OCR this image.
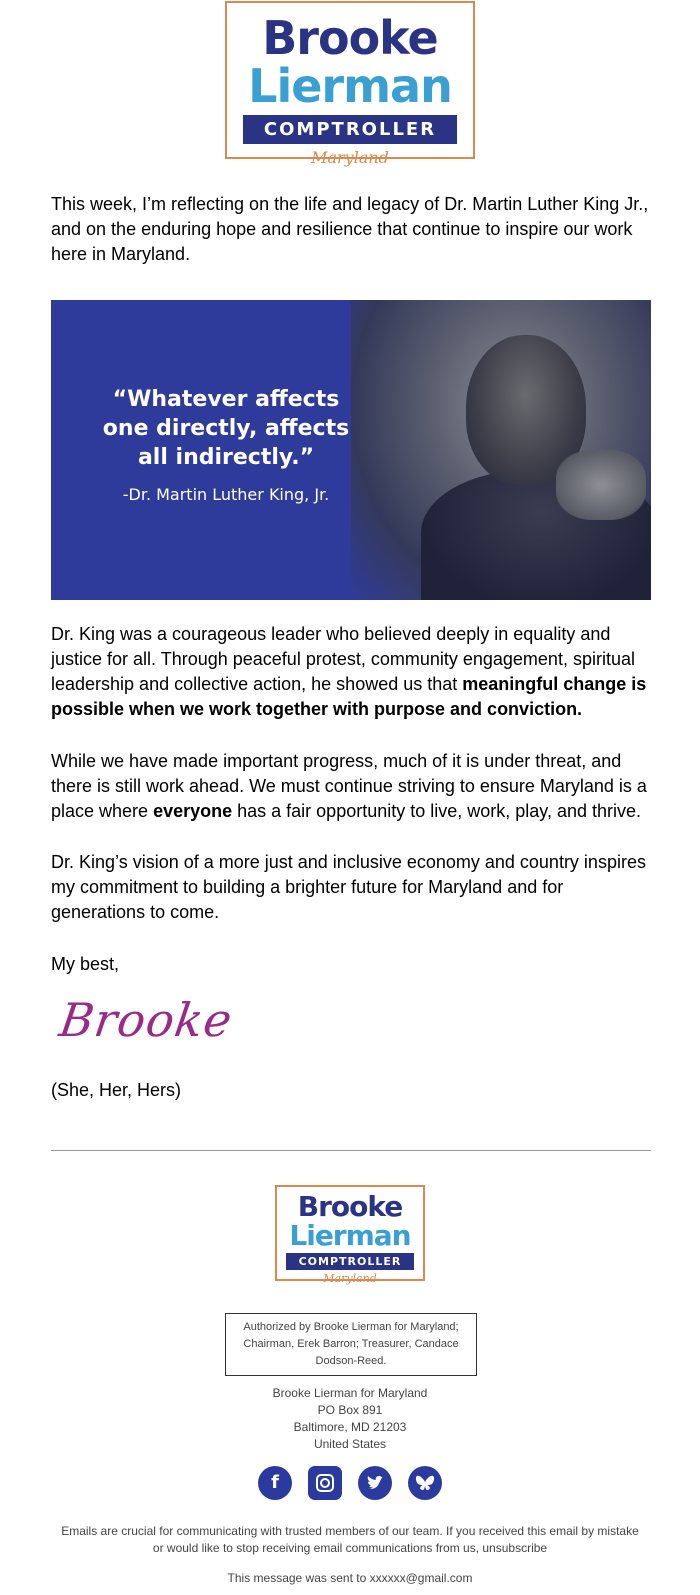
Brooke
Lierman
COMPTROLLER
Maryland

This week, I’m reflecting on the life and legacy of Dr. Martin Luther King Jr., and on the enduring hope and resilience that continue to inspire our work here in Maryland.

“Whatever affects one directly, affects all indirectly.”

-Dr. Martin Luther King, Jr.

Dr. King was a courageous leader who believed deeply in equality and justice for all. Through peaceful protest, community engagement, spiritual leadership and collective action, he showed us that meaningful change is possible when we work together with purpose and conviction.

While we have made important progress, much of it is under threat, and there is still work ahead. We must continue striving to ensure Maryland is a place where everyone has a fair opportunity to live, work, play, and thrive.

Dr. King’s vision of a more just and inclusive economy and country inspires my commitment to building a brighter future for Maryland and for generations to come.

My best,

Brooke

(She, Her, Hers)

Brooke
Lierman
COMPTROLLER
Maryland
Authorized by Brooke Lierman for Maryland; Chairman, Erek Barron; Treasurer, Candace Dodson-Reed.
Brooke Lierman for Maryland
PO Box 891
Baltimore, MD 21203
United States
f
Emails are crucial for communicating with trusted members of our team. If you received this email by mistake or would like to stop receiving email communications from us, unsubscribe
This message was sent to xxxxxx@gmail.com
